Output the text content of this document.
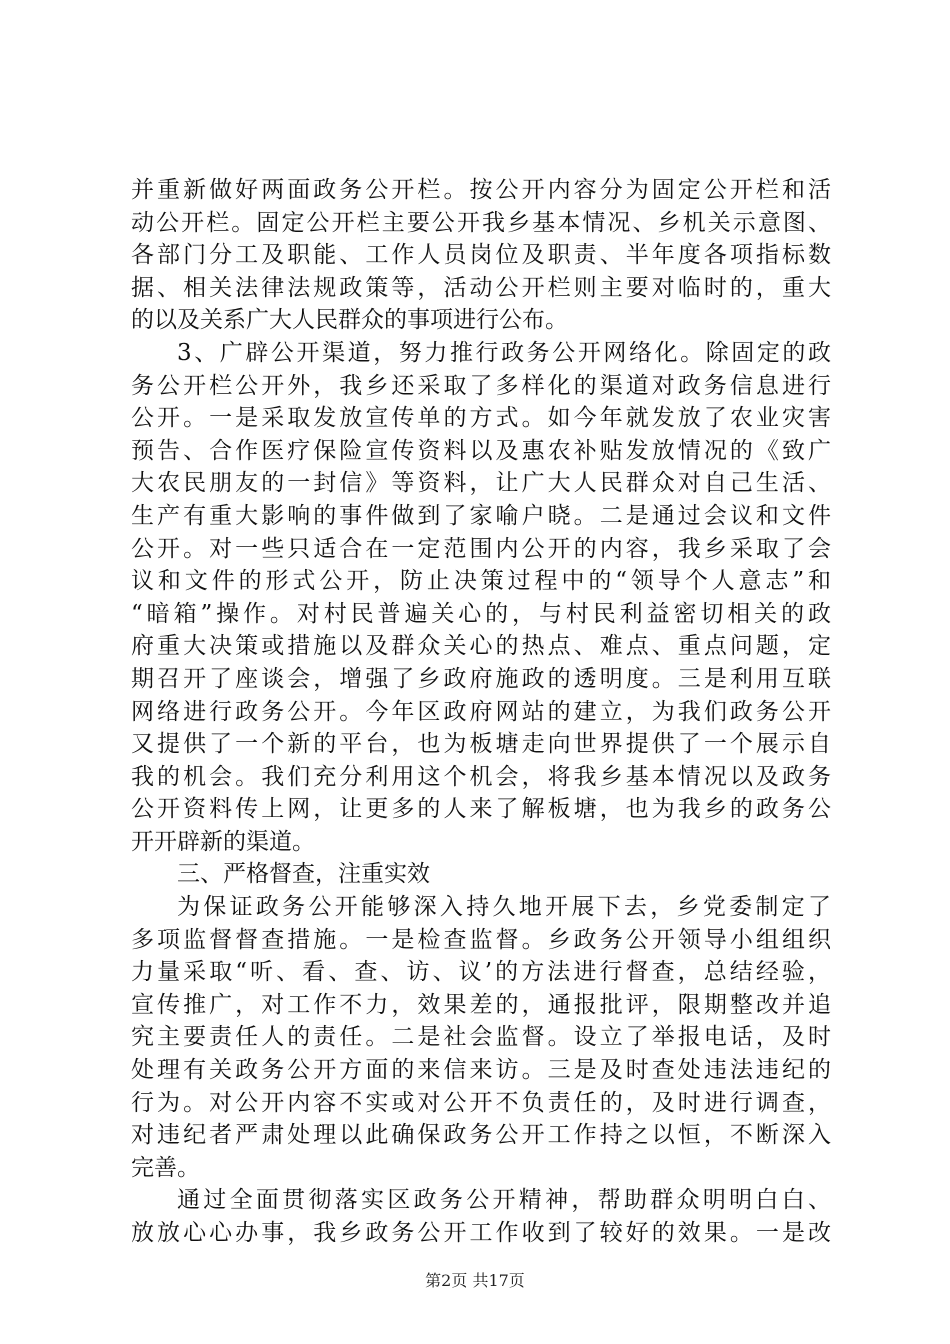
并重新做好两面政务公开栏。按公开内容分为固定公开栏和活
动公开栏。固定公开栏主要公开我乡基本情况、乡机关示意图、
各部门分工及职能、工作人员岗位及职责、半年度各项指标数
据、相关法律法规政策等，活动公开栏则主要对临时的，重大
的以及关系广大人民群众的事项进行公布。
3、广辟公开渠道，努力推行政务公开网络化。除固定的政
务公开栏公开外，我乡还采取了多样化的渠道对政务信息进行
公开。一是采取发放宣传单的方式。如今年就发放了农业灾害
预告、合作医疗保险宣传资料以及惠农补贴发放情况的《致广
大农民朋友的一封信》等资料，让广大人民群众对自己生活、
生产有重大影响的事件做到了家喻户晓。二是通过会议和文件
公开。对一些只适合在一定范围内公开的内容，我乡采取了会
议和文件的形式公开，防止决策过程中的“领导个人意志”和
“暗箱”操作。对村民普遍关心的，与村民利益密切相关的政
府重大决策或措施以及群众关心的热点、难点、重点问题，定
期召开了座谈会，增强了乡政府施政的透明度。三是利用互联
网络进行政务公开。今年区政府网站的建立，为我们政务公开
又提供了一个新的平台，也为板塘走向世界提供了一个展示自
我的机会。我们充分利用这个机会，将我乡基本情况以及政务
公开资料传上网，让更多的人来了解板塘，也为我乡的政务公
开开辟新的渠道。
三、严格督查，注重实效
为保证政务公开能够深入持久地开展下去，乡党委制定了
多项监督督查措施。一是检查监督。乡政务公开领导小组组织
力量采取“听、看、查、访、议’的方法进行督查，总结经验，
宣传推广，对工作不力，效果差的，通报批评，限期整改并追
究主要责任人的责任。二是社会监督。设立了举报电话，及时
处理有关政务公开方面的来信来访。三是及时查处违法违纪的
行为。对公开内容不实或对公开不负责任的，及时进行调查，
对违纪者严肃处理以此确保政务公开工作持之以恒，不断深入
完善。
通过全面贯彻落实区政务公开精神，帮助群众明明白白、
放放心心办事，我乡政务公开工作收到了较好的效果。一是改
第2页 共17页
